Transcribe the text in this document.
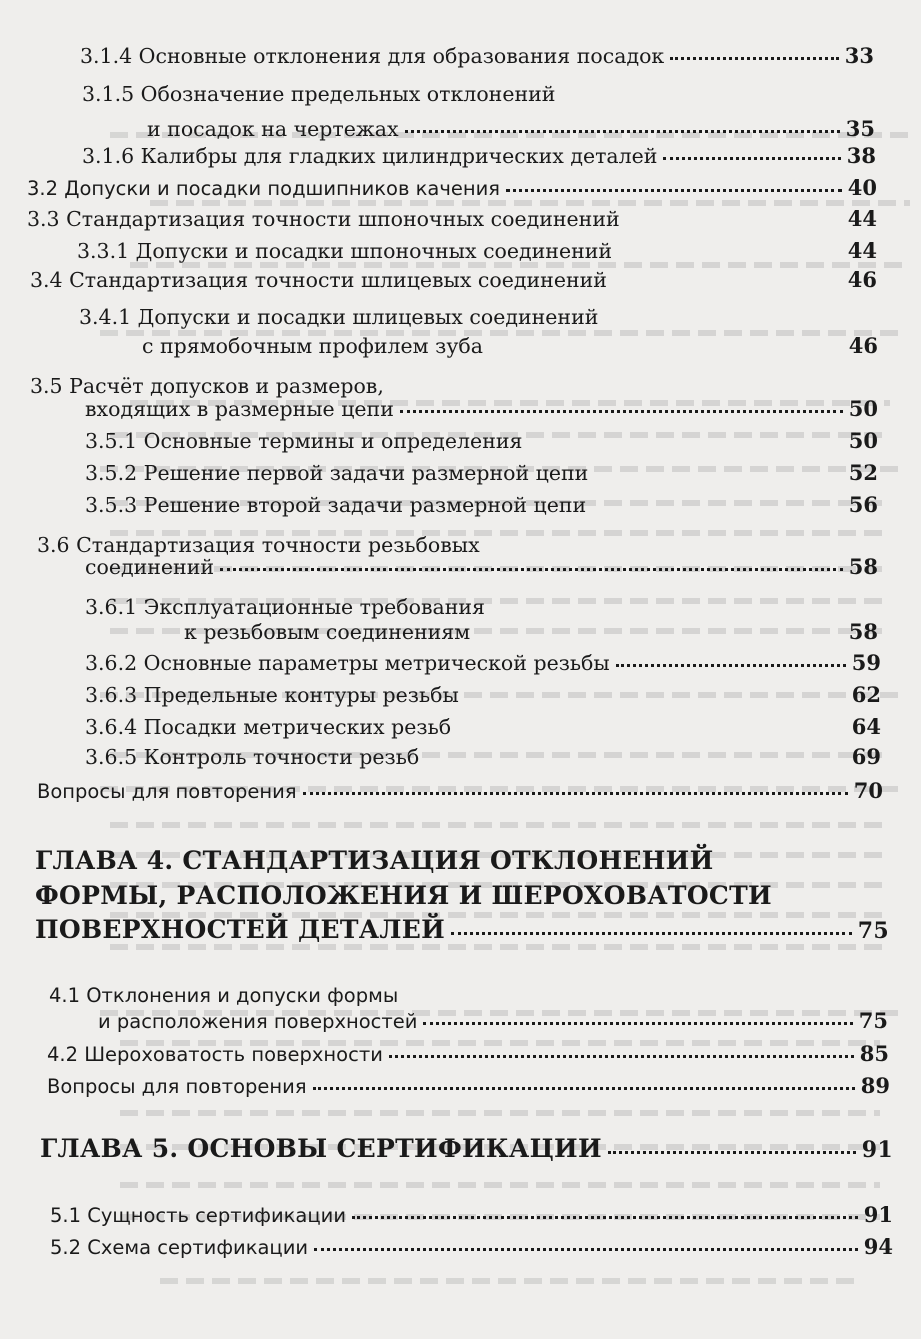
3.1.4 Основные отклонения для образования посадок	33
3.1.5 Обозначение предельных отклонений
и посадок на чертежах	35
3.1.6 Калибры для гладких цилиндрических деталей	38
3.2 Допуски и посадки подшипников качения	40
3.3 Стандартизация точности шпоночных соединений	44
3.3.1 Допуски и посадки шпоночных соединений	44
3.4 Стандартизация точности шлицевых соединений	46
3.4.1 Допуски и посадки шлицевых соединений
с прямобочным профилем зуба	46
3.5 Расчёт допусков и размеров,
входящих в размерные цепи	50
3.5.1 Основные термины и определения	50
3.5.2 Решение первой задачи размерной цепи	52
3.5.3 Решение второй задачи размерной цепи	56
3.6 Стандартизация точности резьбовых
соединений	58
3.6.1 Эксплуатационные требования
к резьбовым соединениям	58
3.6.2 Основные параметры метрической резьбы	59
3.6.3 Предельные контуры резьбы	62
3.6.4 Посадки метрических резьб	64
3.6.5 Контроль точности резьб	69
Вопросы для повторения	70
ГЛАВА 4. СТАНДАРТИЗАЦИЯ ОТКЛОНЕНИЙ
ФОРМЫ, РАСПОЛОЖЕНИЯ И ШЕРОХОВАТОСТИ
ПОВЕРХНОСТЕЙ ДЕТАЛЕЙ	75
4.1 Отклонения и допуски формы
и расположения поверхностей	75
4.2 Шероховатость поверхности	85
Вопросы для повторения	89
ГЛАВА 5. ОСНОВЫ СЕРТИФИКАЦИИ	91
5.1 Сущность сертификации	91
5.2 Схема сертификации	94
